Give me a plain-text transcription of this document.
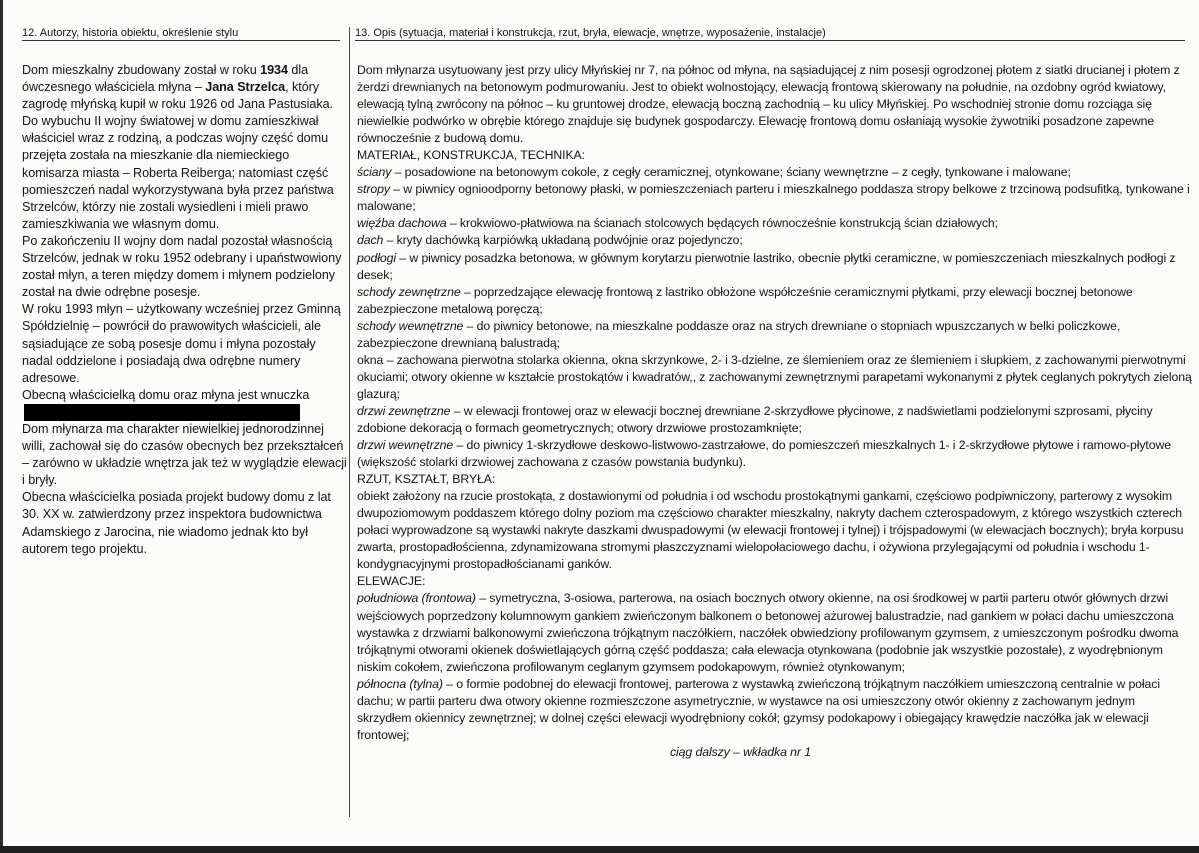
12. Autorzy, historia obiektu, określenie stylu	13. Opis (sytuacja, materiał i konstrukcja, rzut, bryła, elewacje, wnętrze, wyposażenie, instalacje)

Dom mieszkalny zbudowany został w roku 1934 dla ówczesnego właściciela młyna – Jana Strzelca, który zagrodę młyńską kupił w roku 1926 od Jana Pastusiaka. Do wybuchu II wojny światowej w domu zamieszkiwał właściciel wraz z rodziną, a podczas wojny część domu przejęta została na mieszkanie dla niemieckiego komisarza miasta – Roberta Reiberga; natomiast część pomieszczeń nadal wykorzystywana była przez państwa Strzelców, którzy nie zostali wysiedleni i mieli prawo zamieszkiwania we własnym domu.

Po zakończeniu II wojny dom nadal pozostał własnością Strzelców, jednak w roku 1952 odebrany i upaństwowiony został młyn, a teren między domem i młynem podzielony został na dwie odrębne posesje.

W roku 1993 młyn – użytkowany wcześniej przez Gminną Spółdzielnię – powrócił do prawowitych właścicieli, ale sąsiadujące ze sobą posesje domu i młyna pozostały nadal oddzielone i posiadają dwa odrębne numery adresowe.

Obecną właścicielką domu oraz młyna jest wnuczka

Dom młynarza ma charakter niewielkiej jednorodzinnej willi, zachował się do czasów obecnych bez przekształceń – zarówno w układzie wnętrza jak też w wyglądzie elewacji i bryły.

Obecna właścicielka posiada projekt budowy domu z lat 30. XX w. zatwierdzony przez inspektora budownictwa Adamskiego z Jarocina, nie wiadomo jednak kto był autorem tego projektu.

Dom młynarza usytuowany jest przy ulicy Młyńskiej nr 7, na północ od młyna, na sąsiadującej z nim posesji ogrodzonej płotem z siatki drucianej i płotem z żerdzi drewnianych na betonowym podmurowaniu. Jest to obiekt wolnostojący, elewacją frontową skierowany na południe, na ozdobny ogród kwiatowy, elewacją tylną zwrócony na północ – ku gruntowej drodze, elewacją boczną zachodnią – ku ulicy Młyńskiej. Po wschodniej stronie domu rozciąga się niewielkie podwórko w obrębie którego znajduje się budynek gospodarczy. Elewację frontową domu osłaniają wysokie żywotniki posadzone zapewne równocześnie z budową domu.

MATERIAŁ, KONSTRUKCJA, TECHNIKA:

ściany – posadowione na betonowym cokole, z cegły ceramicznej, otynkowane; ściany wewnętrzne – z cegły, tynkowane i malowane;

stropy – w piwnicy ognioodporny betonowy płaski, w pomieszczeniach parteru i mieszkalnego poddasza stropy belkowe z trzcinową podsufitką, tynkowane i malowane;

więźba dachowa – krokwiowo-płatwiowa na ścianach stolcowych będących równocześnie konstrukcją ścian działowych;

dach – kryty dachówką karpiówką układaną podwójnie oraz pojedynczo;

podłogi – w piwnicy posadzka betonowa, w głównym korytarzu pierwotnie lastriko, obecnie płytki ceramiczne, w pomieszczeniach mieszkalnych podłogi z desek;

schody zewnętrzne – poprzedzające elewację frontową z lastriko obłożone współcześnie ceramicznymi płytkami, przy elewacji bocznej betonowe zabezpieczone metalową poręczą;

schody wewnętrzne – do piwnicy betonowe, na mieszkalne poddasze oraz na strych drewniane o stopniach wpuszczanych w belki policzkowe, zabezpieczone drewnianą balustradą;

okna – zachowana pierwotna stolarka okienna, okna skrzynkowe, 2- i 3-dzielne, ze ślemieniem oraz ze ślemieniem i słupkiem, z zachowanymi pierwotnymi okuciami; otwory okienne w kształcie prostokątów i kwadratów,, z zachowanymi zewnętrznymi parapetami wykonanymi z płytek ceglanych pokrytych zieloną glazurą;

drzwi zewnętrzne – w elewacji frontowej oraz w elewacji bocznej drewniane 2-skrzydłowe płycinowe, z nadświetlami podzielonymi szprosami, płyciny zdobione dekoracją o formach geometrycznych; otwory drzwiowe prostozamknięte;

drzwi wewnętrzne – do piwnicy 1-skrzydłowe deskowo-listwowo-zastrzałowe, do pomieszczeń mieszkalnych 1- i 2-skrzydłowe płytowe i ramowo-płytowe (większość stolarki drzwiowej zachowana z czasów powstania budynku).

RZUT, KSZTAŁT, BRYŁA:

obiekt założony na rzucie prostokąta, z dostawionymi od południa i od wschodu prostokątnymi gankami, częściowo podpiwniczony, parterowy z wysokim dwupoziomowym poddaszem którego dolny poziom ma częściowo charakter mieszkalny, nakryty dachem czterospadowym, z którego wszystkich czterech połaci wyprowadzone są wystawki nakryte daszkami dwuspadowymi (w elewacji frontowej i tylnej) i trójspadowymi (w elewacjach bocznych); bryła korpusu zwarta, prostopadłościenna, zdynamizowana stromymi płaszczyznami wielopołaciowego dachu, i ożywiona przylegającymi od południa i wschodu 1-kondygnacyjnymi prostopadłościanami ganków.

ELEWACJE:

południowa (frontowa) – symetryczna, 3-osiowa, parterowa, na osiach bocznych otwory okienne, na osi środkowej w partii parteru otwór głównych drzwi wejściowych poprzedzony kolumnowym gankiem zwieńczonym balkonem o betonowej ażurowej balustradzie, nad gankiem w połaci dachu umieszczona wystawka z drzwiami balkonowymi zwieńczona trójkątnym naczółkiem, naczółek obwiedziony profilowanym gzymsem, z umieszczonym pośrodku dwoma trójkątnymi otworami okienek doświetlających górną część poddasza; cała elewacja otynkowana (podobnie jak wszystkie pozostałe), z wyodrębnionym niskim cokołem, zwieńczona profilowanym ceglanym gzymsem podokapowym, również otynkowanym;

północna (tylna) – o formie podobnej do elewacji frontowej, parterowa z wystawką zwieńczoną trójkątnym naczółkiem umieszczoną centralnie w połaci dachu; w partii parteru dwa otwory okienne rozmieszczone asymetrycznie, w wystawce na osi umieszczony otwór okienny z zachowanym jednym skrzydłem okiennicy zewnętrznej; w dolnej części elewacji wyodrębniony cokół; gzymsy podokapowy i obiegający krawędzie naczółka jak w elewacji frontowej;

ciąg dalszy – wkładka nr 1
